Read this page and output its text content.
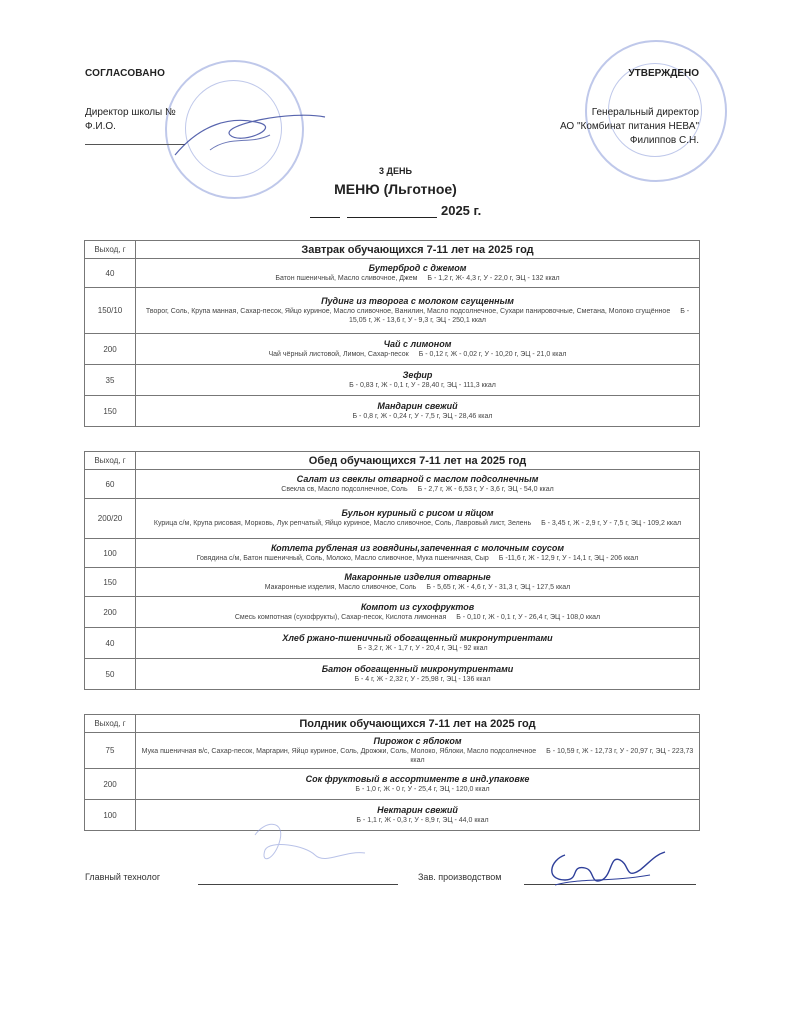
СОГЛАСОВАНО
Директор школы №
Ф.И.О.
УТВЕРЖДЕНО
Генеральный директор
АО "Комбинат питания НЕВА"
Филиппов С.Н.
3 ДЕНЬ
МЕНЮ (Льготное)
2025 г.
Выход, г	Завтрак обучающихся 7-11 лет на 2025 год
40	Бутерброд с джемом
Батон пшеничный, Масло сливочное, Джем Б - 1,2 г, Ж- 4,3 г, У - 22,0 г, ЭЦ - 132 ккал

150/10	Пудинг из творога с молоком сгущенным
Творог, Соль, Крупа манная, Сахар-песок, Яйцо куриное, Масло сливочное, Ванилин, Масло подсолнечное, Сухари панировочные, Сметана, Молоко сгущённое Б - 15,05 г, Ж - 13,6 г, У - 9,3 г, ЭЦ - 250,1 ккал

200	Чай с лимоном
Чай чёрный листовой, Лимон, Сахар-песок Б - 0,12 г, Ж - 0,02 г, У - 10,20 г, ЭЦ - 21,0 ккал

35	Зефир
Б - 0,83 г, Ж - 0,1 г, У - 28,40 г, ЭЦ - 111,3 ккал

150	Мандарин свежий
Б - 0,8 г, Ж - 0,24 г, У - 7,5 г, ЭЦ - 28,46 ккал
Выход, г	Обед обучающихся 7-11 лет на 2025 год
60	Салат из свеклы отварной с маслом подсолнечным
Свекла св, Масло подсолнечное, Соль Б - 2,7 г, Ж - 6,53 г, У - 3,6 г, ЭЦ - 54,0 ккал

200/20	Бульон куриный с рисом и яйцом
Курица с/м, Крупа рисовая, Морковь, Лук репчатый, Яйцо куриное, Масло сливочное, Соль, Лавровый лист, Зелень Б - 3,45 г, Ж - 2,9 г, У - 7,5 г, ЭЦ - 109,2 ккал

100	Котлета рубленая из говядины,запеченная с молочным соусом
Говядина с/м, Батон пшеничный, Соль, Молоко, Масло сливочное, Мука пшеничная, Сыр Б -11,6 г, Ж - 12,9 г, У - 14,1 г, ЭЦ - 206 ккал

150	Макаронные изделия отварные
Макаронные изделия, Масло сливочное, Соль Б - 5,65 г, Ж - 4,6 г, У - 31,3 г, ЭЦ - 127,5 ккал

200	Компот из сухофруктов
Смесь компотная (сухофрукты), Сахар-песок, Кислота лимонная Б - 0,10 г, Ж - 0,1 г, У - 26,4 г, ЭЦ - 108,0 ккал

40	Хлеб ржано-пшеничный обогащенный микронутриентами
Б - 3,2 г, Ж - 1,7 г, У - 20,4 г, ЭЦ - 92 ккал

50	Батон обогащенный микронутриентами
Б - 4 г, Ж - 2,32 г, У - 25,98 г, ЭЦ - 136 ккал
Выход, г	Полдник обучающихся 7-11 лет на 2025 год
75	Пирожок с яблоком
Мука пшеничная в/с, Сахар-песок, Маргарин, Яйцо куриное, Соль, Дрожжи, Соль, Молоко, Яблоки, Масло подсолнечное Б - 10,59 г, Ж - 12,73 г, У - 20,97 г, ЭЦ - 223,73 ккал

200	Сок фруктовый в ассортименте в инд.упаковке
Б - 1,0 г, Ж - 0 г, У - 25,4 г, ЭЦ - 120,0 ккал

100	Нектарин свежий
Б - 1,1 г, Ж - 0,3 г, У - 8,9 г, ЭЦ - 44,0 ккал
Главный технолог	Зав. производством
